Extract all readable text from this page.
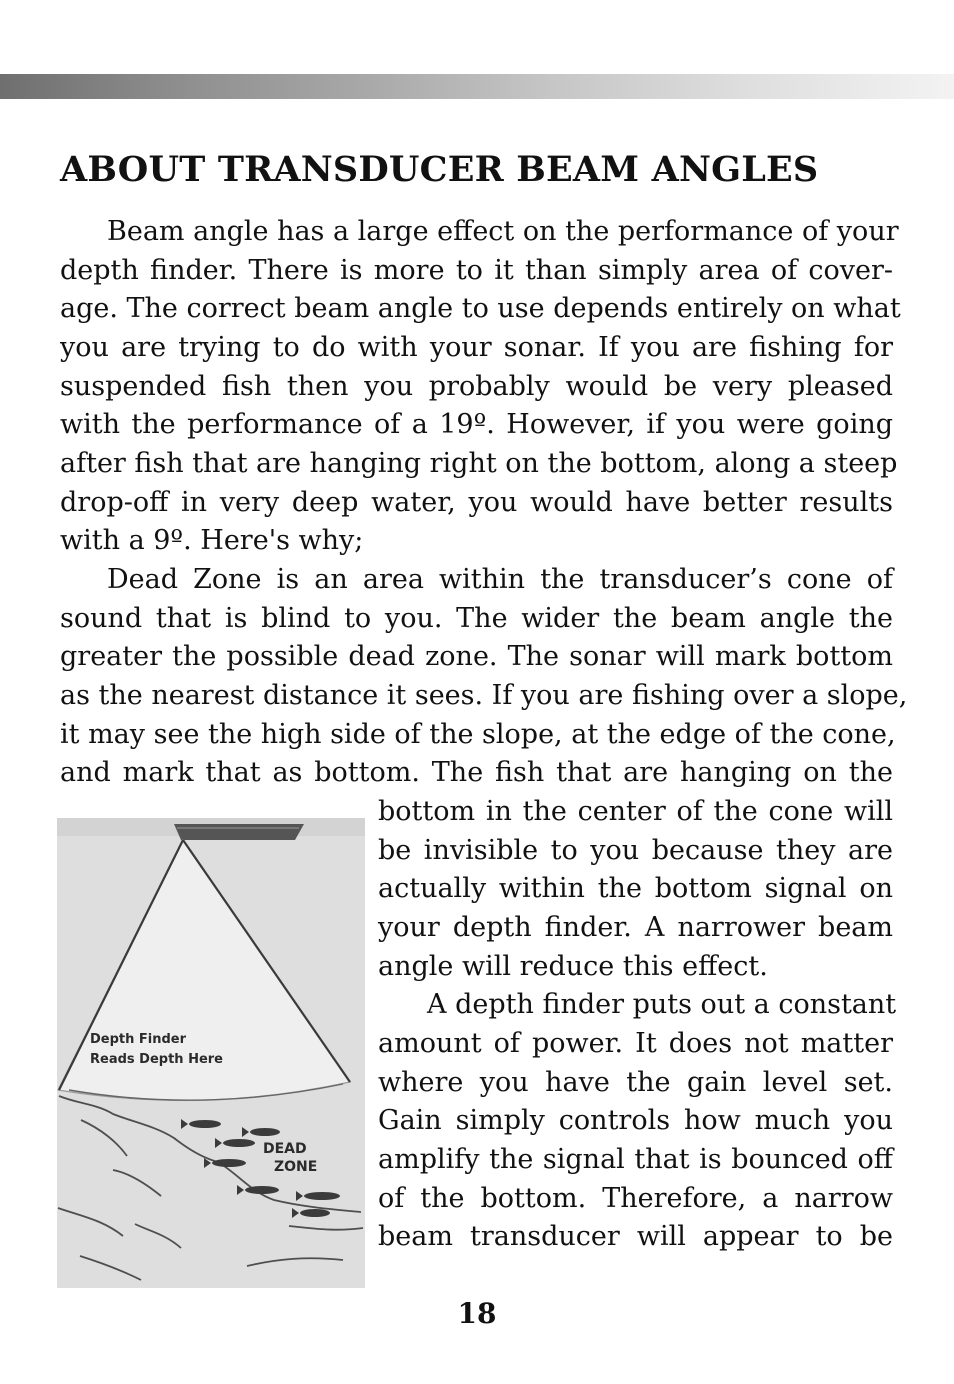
ABOUT TRANSDUCER BEAM ANGLES

Beam angle has a large effect on the performance of your

depth finder. There is more to it than simply area of cover-

age. The correct beam angle to use depends entirely on what

you are trying to do with your sonar. If you are fishing for

suspended fish then you probably would be very pleased

with the performance of a 19º. However, if you were going

after fish that are hanging right on the bottom, along a steep

drop-off in very deep water, you would have better results

with a 9º. Here's why;

Dead Zone is an area within the transducer’s cone of

sound that is blind to you. The wider the beam angle the

greater the possible dead zone. The sonar will mark bottom

as the nearest distance it sees. If you are fishing over a slope,

it may see the high side of the slope, at the edge of the cone,

and mark that as bottom. The fish that are hanging on the

bottom in the center of the cone will

be invisible to you because they are

actually within the bottom signal on

your depth finder. A narrower beam

angle will reduce this effect.

A depth finder puts out a constant

amount of power. It does not matter

where you have the gain level set.

Gain simply controls how much you

amplify the signal that is bounced off

of the bottom. Therefore, a narrow

beam transducer will appear to be

Depth Finder
Reads Depth Here
DEAD
ZONE

18
